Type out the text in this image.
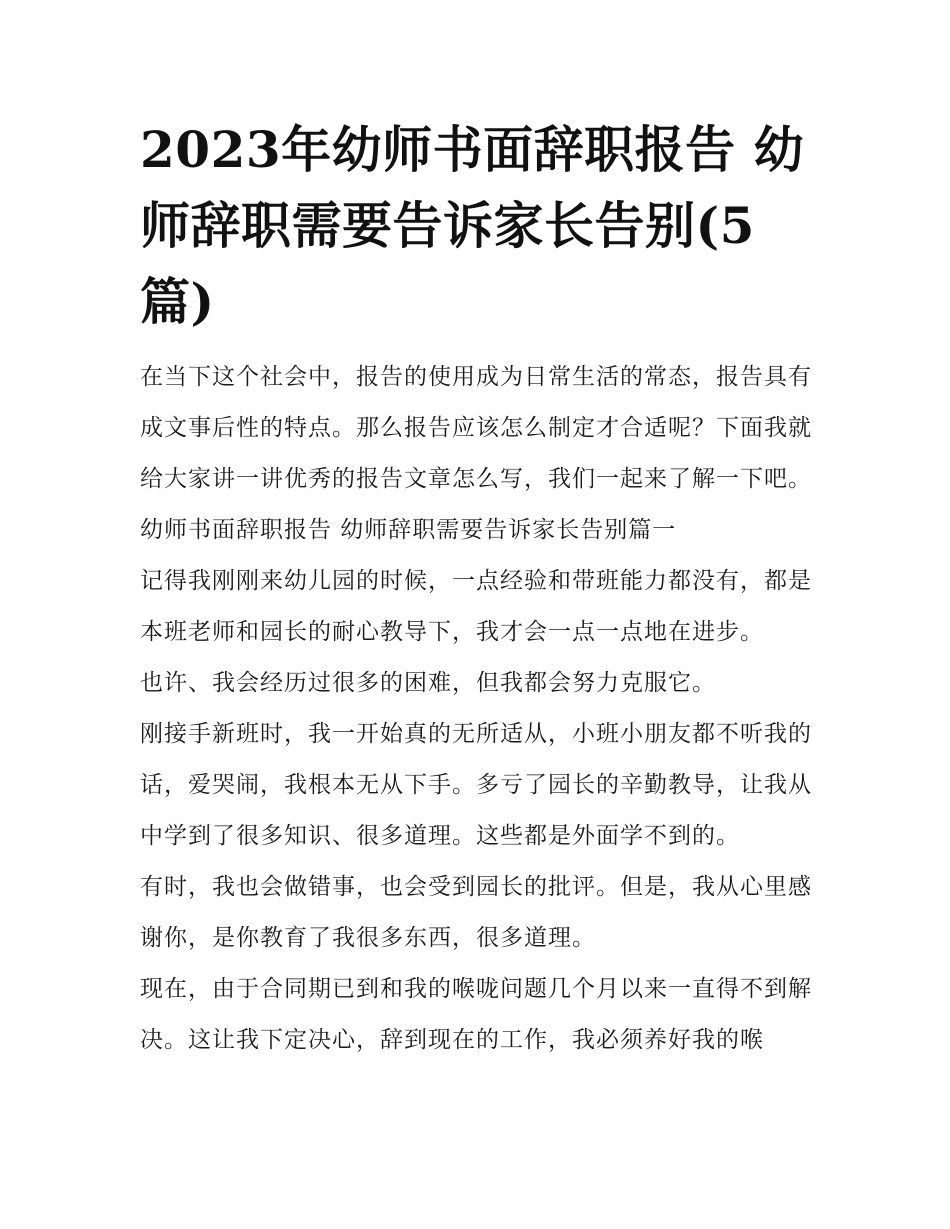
2023年幼师书面辞职报告 幼师辞职需要告诉家长告别(5篇)

在当下这个社会中，报告的使用成为日常生活的常态，报告具有成文事后性的特点。那么报告应该怎么制定才合适呢？下面我就给大家讲一讲优秀的报告文章怎么写，我们一起来了解一下吧。

幼师书面辞职报告 幼师辞职需要告诉家长告别篇一

记得我刚刚来幼儿园的时候，一点经验和带班能力都没有，都是本班老师和园长的耐心教导下，我才会一点一点地在进步。

也许、我会经历过很多的困难，但我都会努力克服它。

刚接手新班时，我一开始真的无所适从，小班小朋友都不听我的话，爱哭闹，我根本无从下手。多亏了园长的辛勤教导，让我从中学到了很多知识、很多道理。这些都是外面学不到的。

有时，我也会做错事，也会受到园长的批评。但是，我从心里感谢你，是你教育了我很多东西，很多道理。

现在，由于合同期已到和我的喉咙问题几个月以来一直得不到解决。这让我下定决心，辞到现在的工作，我必须养好我的喉
